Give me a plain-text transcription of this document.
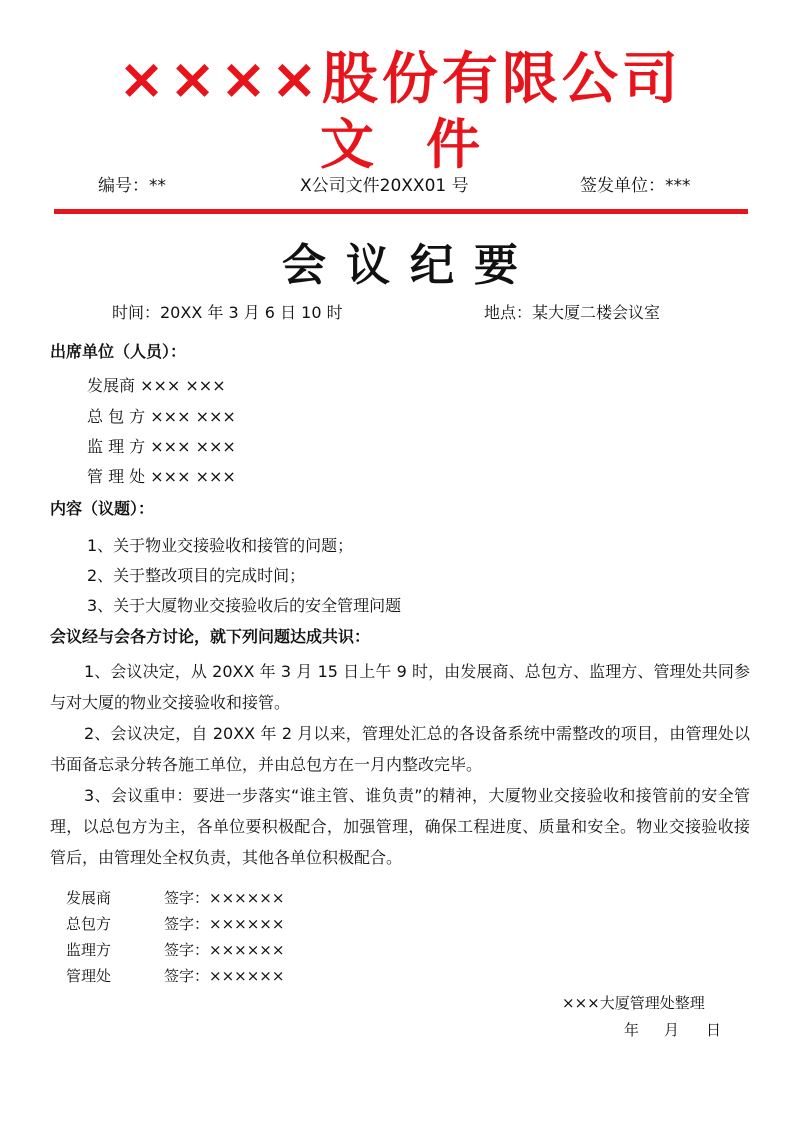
××××股份有限公司
文件
编号：**	X公司文件20XX01 号	签发单位：***
会议纪要
时间：20XX 年 3 月 6 日 10 时	地点：某大厦二楼会议室
出席单位（人员）：
发展商 ××× ×××
总 包 方 ××× ×××
监 理 方 ××× ×××
管 理 处 ××× ×××
内容（议题）：
1、关于物业交接验收和接管的问题；
2、关于整改项目的完成时间；
3、关于大厦物业交接验收后的安全管理问题
会议经与会各方讨论，就下列问题达成共识：
1、会议决定，从 20XX 年 3 月 15 日上午 9 时，由发展商、总包方、监理方、管理处共同参与对大厦的物业交接验收和接管。
2、会议决定，自 20XX 年 2 月以来，管理处汇总的各设备系统中需整改的项目，由管理处以书面备忘录分转各施工单位，并由总包方在一月内整改完毕。
3、会议重申：要进一步落实“谁主管、谁负责”的精神，大厦物业交接验收和接管前的安全管理，以总包方为主，各单位要积极配合，加强管理，确保工程进度、质量和安全。物业交接验收接管后，由管理处全权负责，其他各单位积极配合。
发展商	签字：××××××
总包方	签字：××××××
监理方	签字：××××××
管理处	签字：××××××
×××大厦管理处整理
年 月 日
